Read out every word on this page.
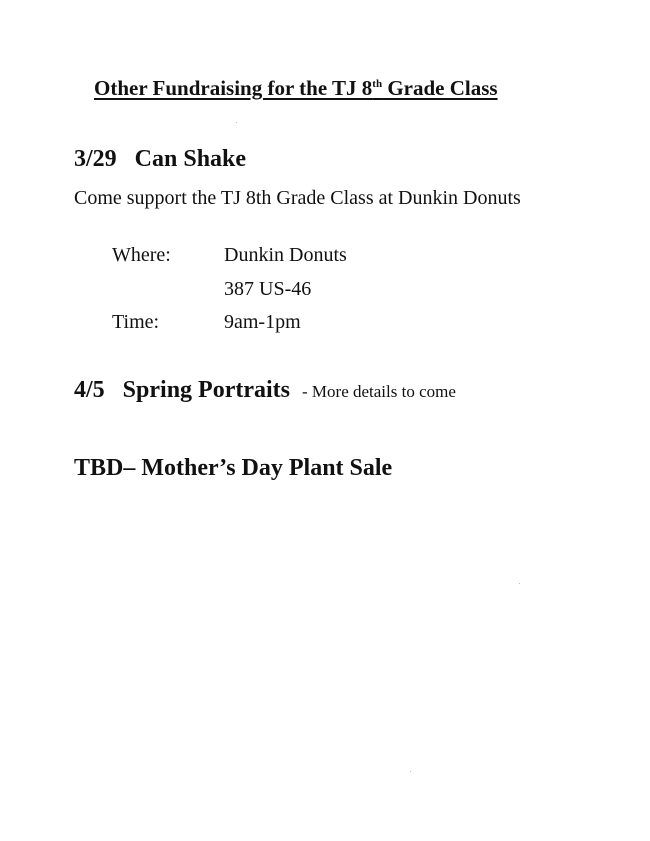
Other Fundraising for the TJ 8th Grade Class
3/29 Can Shake
Come support the TJ 8th Grade Class at Dunkin Donuts
Where:	Dunkin Donuts
387 US-46
Time:	9am-1pm
4/5 Spring Portraits - More details to come
TBD– Mother’s Day Plant Sale
